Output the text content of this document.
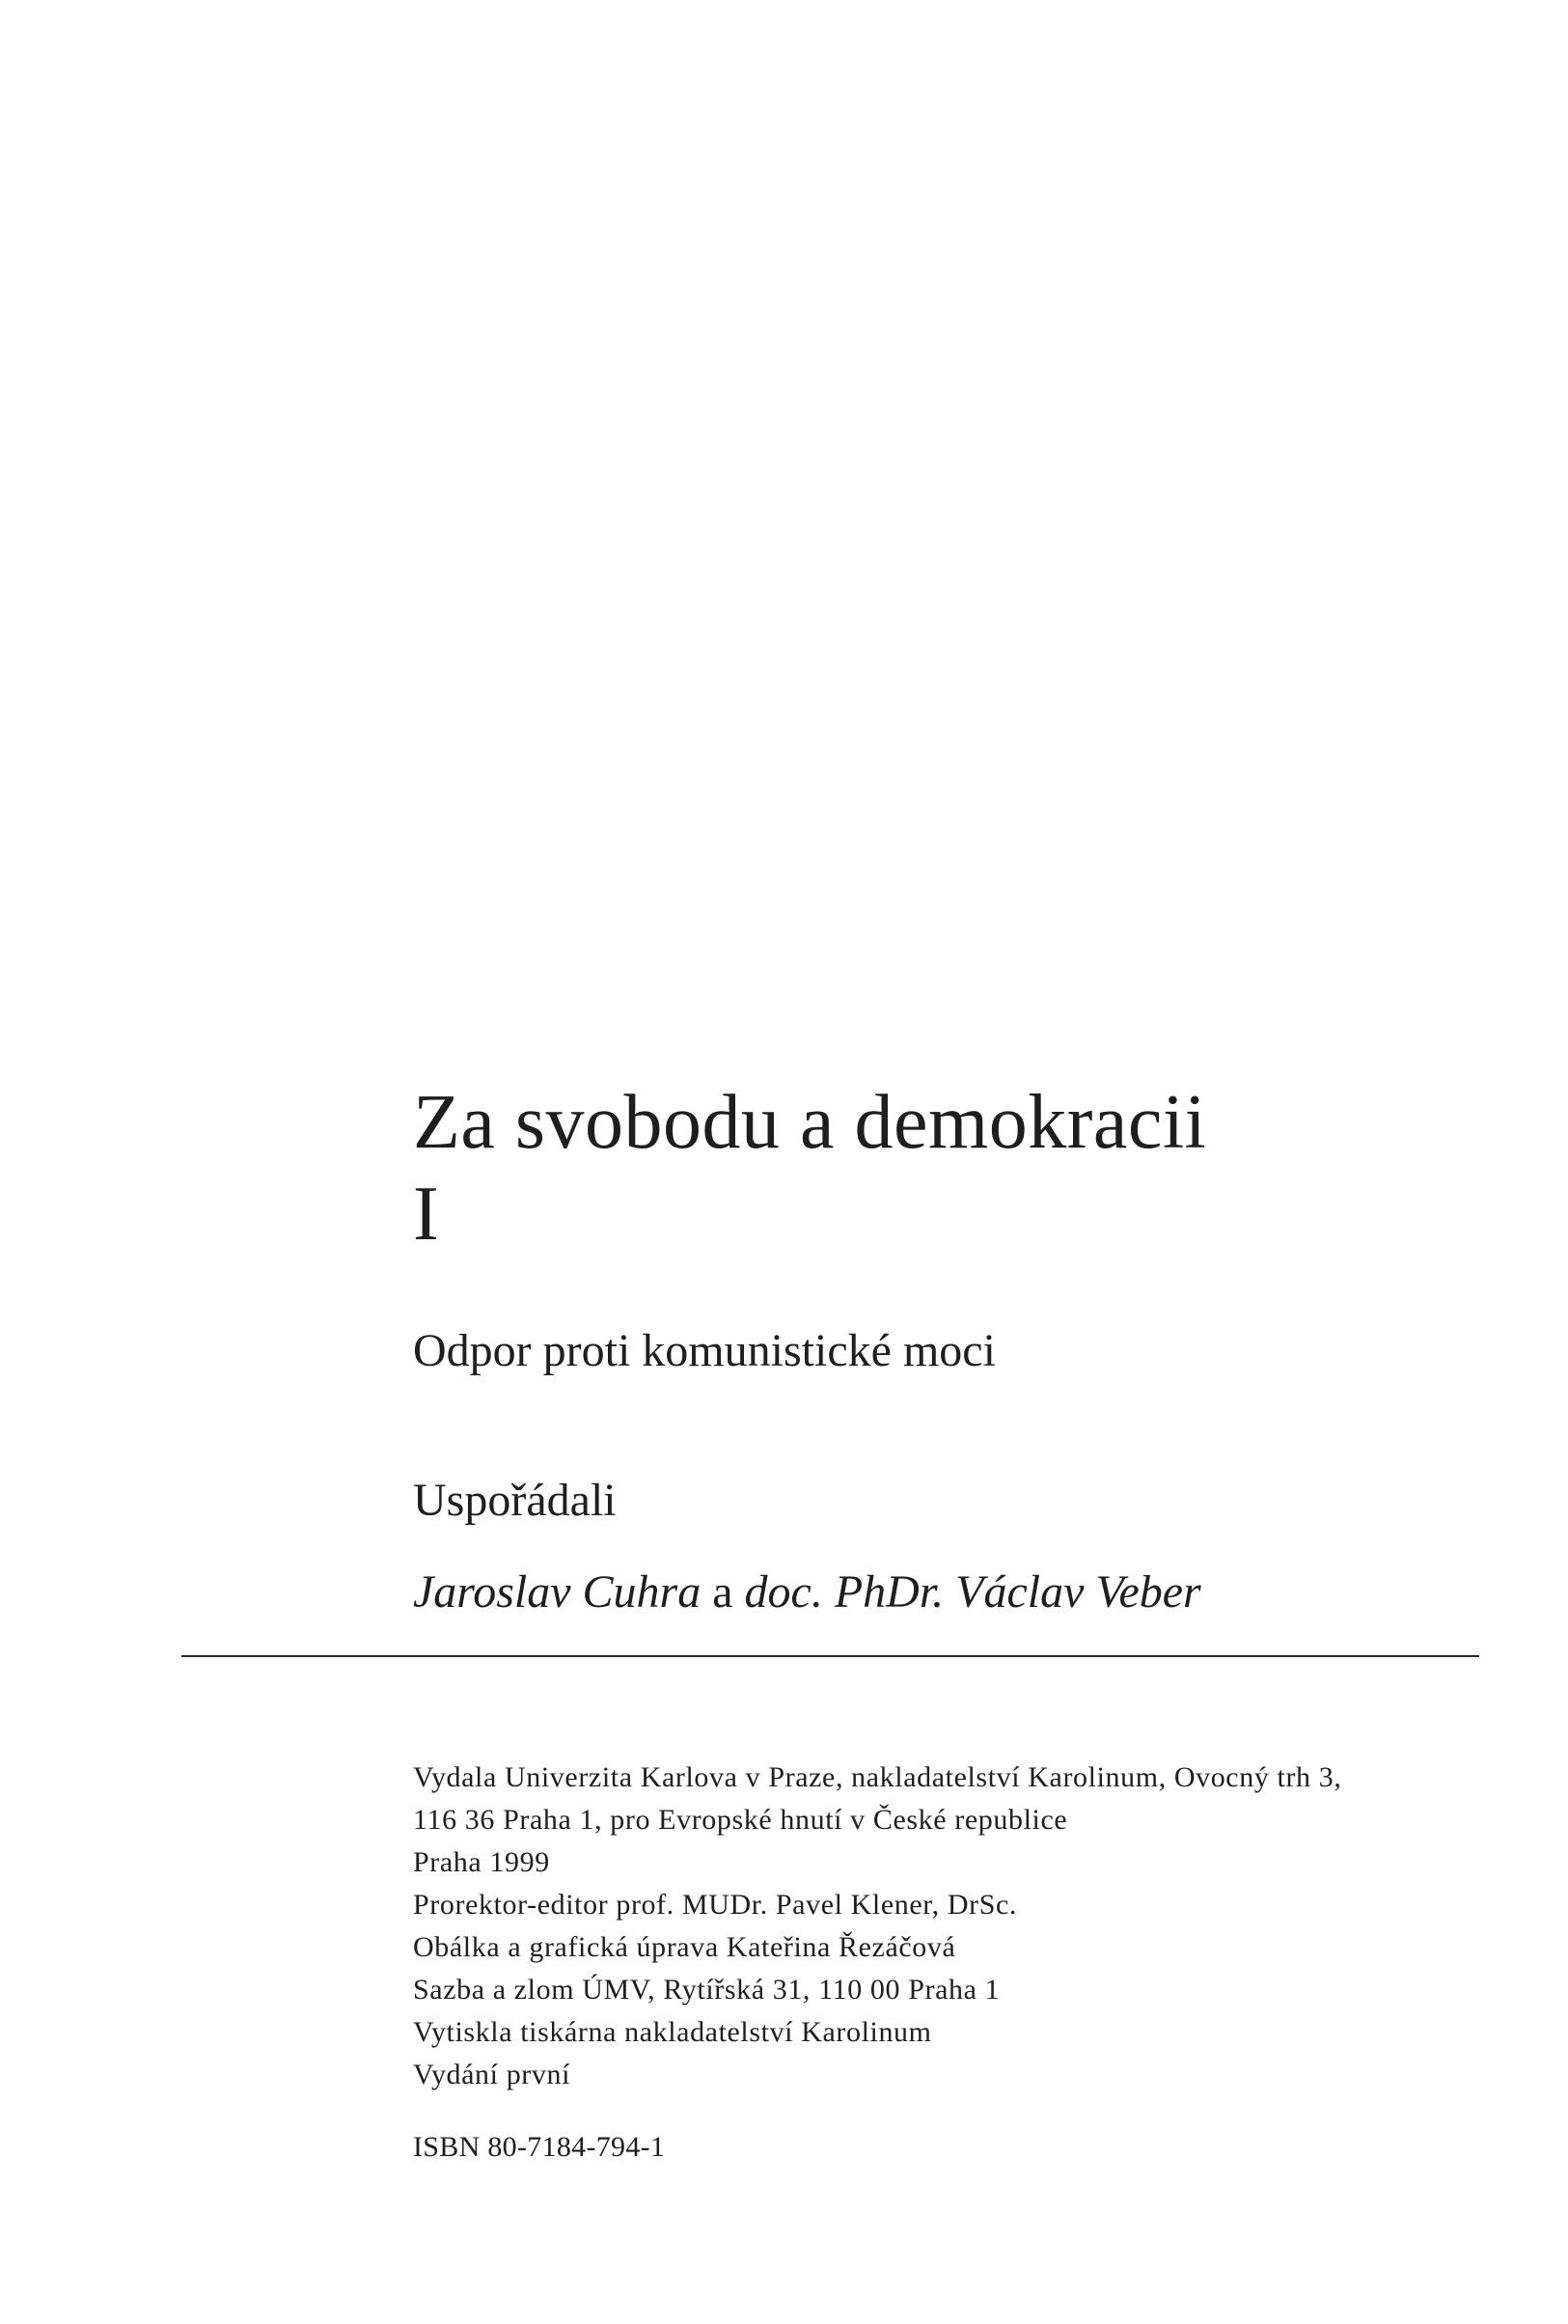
Za svobodu a demokracii
I
Odpor proti komunistické moci
Uspořádali
Jaroslav Cuhra a doc. PhDr. Václav Veber
Vydala Univerzita Karlova v Praze, nakladatelství Karolinum, Ovocný trh 3,
116 36 Praha 1, pro Evropské hnutí v České republice
Praha 1999
Prorektor-editor prof. MUDr. Pavel Klener, DrSc.
Obálka a grafická úprava Kateřina Řezáčová
Sazba a zlom ÚMV, Rytířská 31, 110 00 Praha 1
Vytiskla tiskárna nakladatelství Karolinum
Vydání první
ISBN 80-7184-794-1
